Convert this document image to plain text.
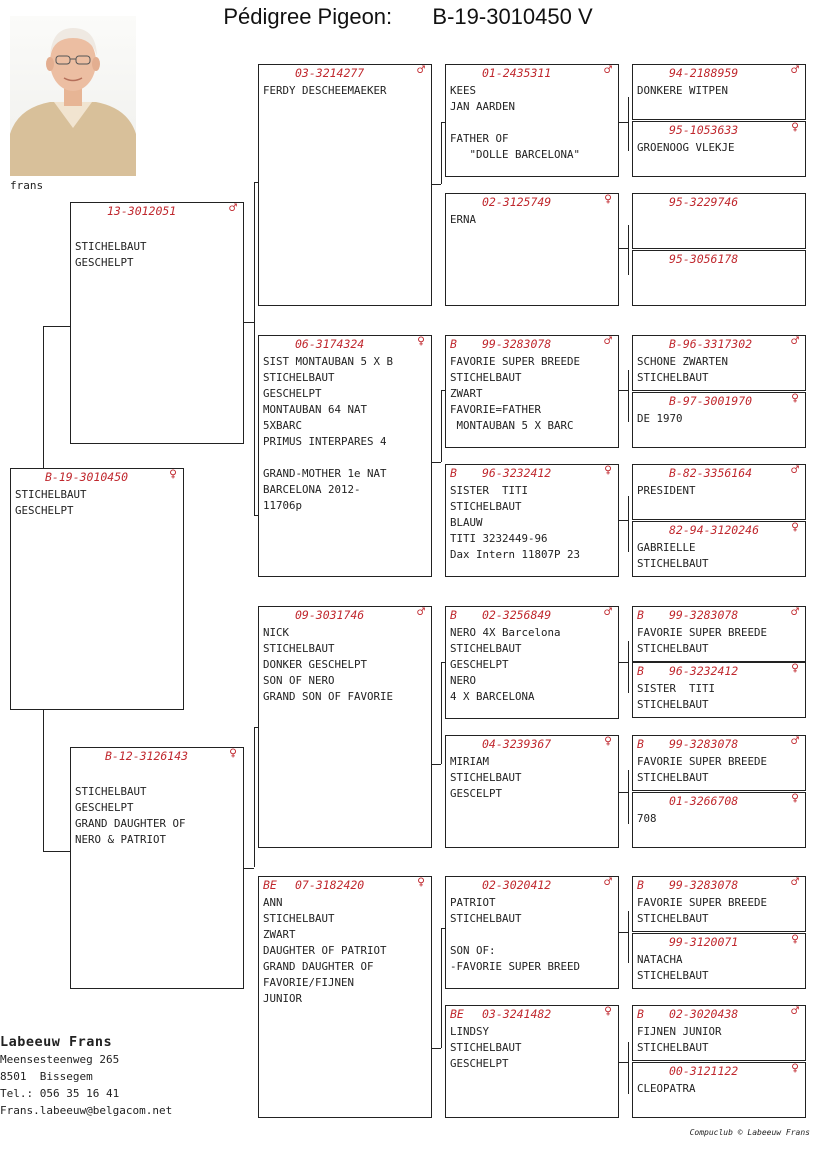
Pédigree Pigeon: B-19-3010450 V
frans
B-19-3010450	♀
STICHELBAUT
GESCHELPT
13-3012051	♂
STICHELBAUT
GESCHELPT
B-12-3126143	♀
STICHELBAUT
GESCHELPT
GRAND DAUGHTER OF
NERO & PATRIOT
03-3214277	♂
FERDY DESCHEEMAEKER
06-3174324	♀
SIST MONTAUBAN 5 X B
STICHELBAUT
GESCHELPT
MONTAUBAN 64 NAT
5XBARC
PRIMUS INTERPARES 4

GRAND-MOTHER 1e NAT
BARCELONA 2012-
11706p
09-3031746	♂
NICK
STICHELBAUT
DONKER GESCHELPT
SON OF NERO
GRAND SON OF FAVORIE
BE 07-3182420	♀
ANN
STICHELBAUT
ZWART
DAUGHTER OF PATRIOT
GRAND DAUGHTER OF
FAVORIE/FIJNEN
JUNIOR
01-2435311	♂
KEES
JAN AARDEN

FATHER OF
"DOLLE BARCELONA"
02-3125749	♀
ERNA
B 99-3283078	♂
FAVORIE SUPER BREEDE
STICHELBAUT
ZWART
FAVORIE=FATHER
MONTAUBAN 5 X BARC
B 96-3232412	♀
SISTER  TITI
STICHELBAUT
BLAUW
TITI 3232449-96
Dax Intern 11807P 23
B 02-3256849	♂
NERO 4X Barcelona
STICHELBAUT
GESCHELPT
NERO
4 X BARCELONA
04-3239367	♀
MIRIAM
STICHELBAUT
GESCELPT
02-3020412	♂
PATRIOT
STICHELBAUT

SON OF:
-FAVORIE SUPER BREED
BE 03-3241482	♀
LINDSY
STICHELBAUT
GESCHELPT
94-2188959	♂
DONKERE WITPEN
95-1053633	♀
GROENOOG VLEKJE
95-3229746
95-3056178
B-96-3317302	♂
SCHONE ZWARTEN
STICHELBAUT
B-97-3001970	♀
DE 1970
B-82-3356164	♂
PRESIDENT
82-94-3120246 ♀
GABRIELLE
STICHELBAUT
B 99-3283078	♂
FAVORIE SUPER BREEDE
STICHELBAUT
B 96-3232412	♀
SISTER  TITI
STICHELBAUT
B 99-3283078	♂
FAVORIE SUPER BREEDE
STICHELBAUT
01-3266708	♀
708
B 99-3283078	♂
FAVORIE SUPER BREEDE
STICHELBAUT
99-3120071	♀
NATACHA
STICHELBAUT
B 02-3020438	♂
FIJNEN JUNIOR
STICHELBAUT
00-3121122	♀
CLEOPATRA
Labeeuw Frans
Meensesteenweg 265
8501  Bissegem
Tel.: 056 35 16 41
Frans.labeeuw@belgacom.net
Compuclub © Labeeuw Frans
